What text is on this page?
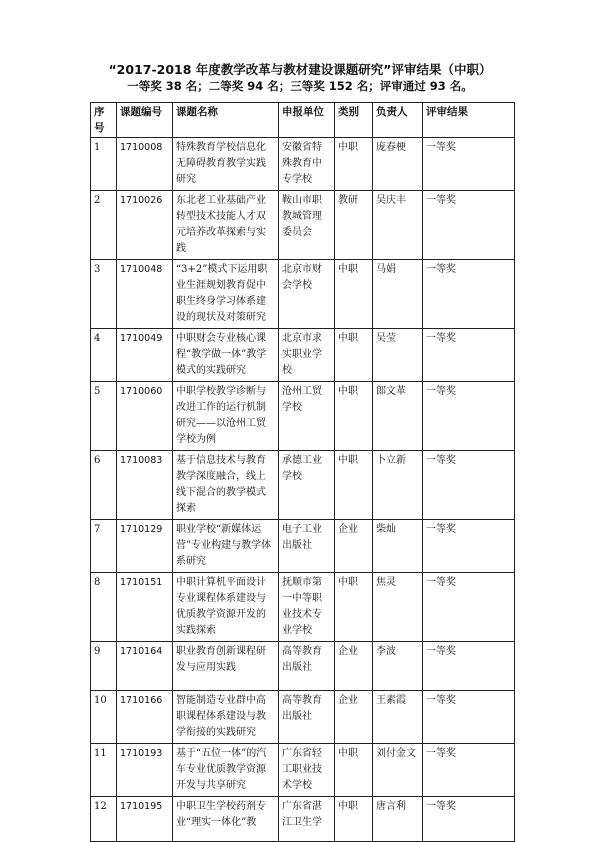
“2017-2018 年度教学改革与教材建设课题研究”评审结果（中职）
一等奖 38 名；二等奖 94 名；三等奖 152 名；评审通过 93 名。
序号	课题编号	课题名称	申报单位	类别	负责人	评审结果
1	1710008	特殊教育学校信息化无障碍教育教学实践研究	安徽省特殊教育中专学校	中职	庞春梗	一等奖
2	1710026	东北老工业基础产业转型技术技能人才双元培养改革探索与实践	鞍山市职教城管理委员会	教研	吴庆丰	一等奖
3	1710048	“3+2”模式下运用职业生涯规划教育促中职生终身学习体系建设的现状及对策研究	北京市财会学校	中职	马娟	一等奖
4	1710049	中职财会专业核心课程“教学做一体”教学模式的实践研究	北京市求实职业学校	中职	吴莹	一等奖
5	1710060	中职学校教学诊断与改进工作的运行机制研究——以沧州工贸学校为例	沧州工贸学校	中职	郎文革	一等奖
6	1710083	基于信息技术与教育教学深度融合，线上线下混合的教学模式探索	承德工业学校	中职	卜立新	一等奖
7	1710129	职业学校“新媒体运营”专业构建与教学体系研究	电子工业出版社	企业	柴灿	一等奖
8	1710151	中职计算机平面设计专业课程体系建设与优质教学资源开发的实践探索	抚顺市第一中等职业技术专业学校	中职	焦灵	一等奖
9	1710164	职业教育创新课程研发与应用实践	高等教育出版社	企业	李波	一等奖
10	1710166	智能制造专业群中高职课程体系建设与教学衔接的实践研究	高等教育出版社	企业	王素霞	一等奖
11	1710193	基于“五位一体”的汽车专业优质教学资源开发与共享研究	广东省轻工职业技术学校	中职	刘付金文	一等奖
12	1710195	中职卫生学校药剂专业“理实一体化”教	广东省湛江卫生学	中职	唐言利	一等奖
